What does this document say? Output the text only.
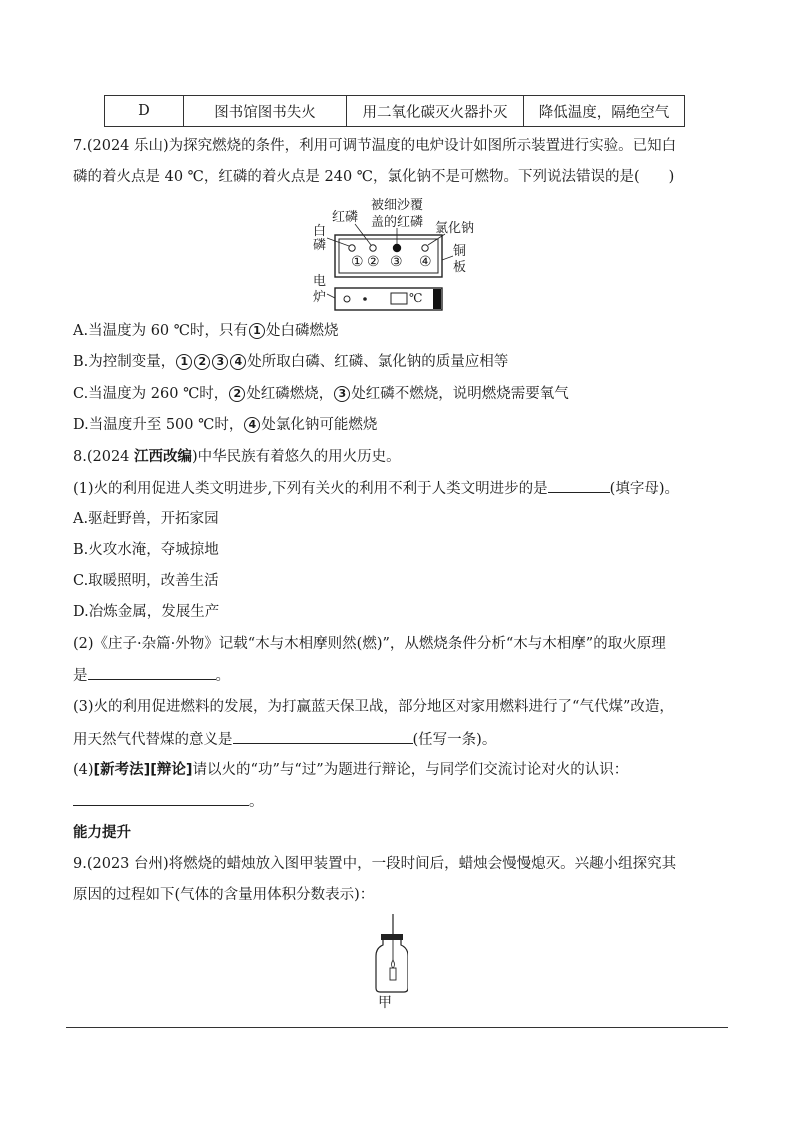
D	图书馆图书失火	用二氧化碳灭火器扑灭	降低温度，隔绝空气
7.(2024 乐山)为探究燃烧的条件，利用可调节温度的电炉设计如图所示装置进行实验。已知白
磷的着火点是 40 ℃，红磷的着火点是 240 ℃，氯化钠不是可燃物。下列说法错误的是(　　)
被细沙覆
盖的红磷
红磷
氯化钠
白磷	铜板
电炉
① ② ③ ④
℃
A.当温度为 60 ℃时，只有 1 处白磷燃烧
B.为控制变量， 1 2 3 4 处所取白磷、红磷、氯化钠的质量应相等
C.当温度为 260 ℃时， 2 处红磷燃烧， 3 处红磷不燃烧，说明燃烧需要氧气
D.当温度升至 500 ℃时， 4 处氯化钠可能燃烧
8.(2024 江西改编)中华民族有着悠久的用火历史。
(1)火的利用促进人类文明进步,下列有关火的利用不利于人类文明进步的是	(填字母)。
A.驱赶野兽，开拓家园
B.火攻水淹，夺城掠地
C.取暖照明，改善生活
D.冶炼金属，发展生产
(2)《庄子·杂篇·外物》记载“木与木相摩则然(燃)”，从燃烧条件分析“木与木相摩”的取火原理
是	。
(3)火的利用促进燃料的发展，为打赢蓝天保卫战，部分地区对家用燃料进行了“气代煤”改造，
用天然气代替煤的意义是	(任写一条)。
(4)[新考法][辩论]请以火的“功”与“过”为题进行辩论，与同学们交流讨论对火的认识：
。
能力提升
9.(2023 台州)将燃烧的蜡烛放入图甲装置中，一段时间后，蜡烛会慢慢熄灭。兴趣小组探究其
原因的过程如下(气体的含量用体积分数表示)：
甲
